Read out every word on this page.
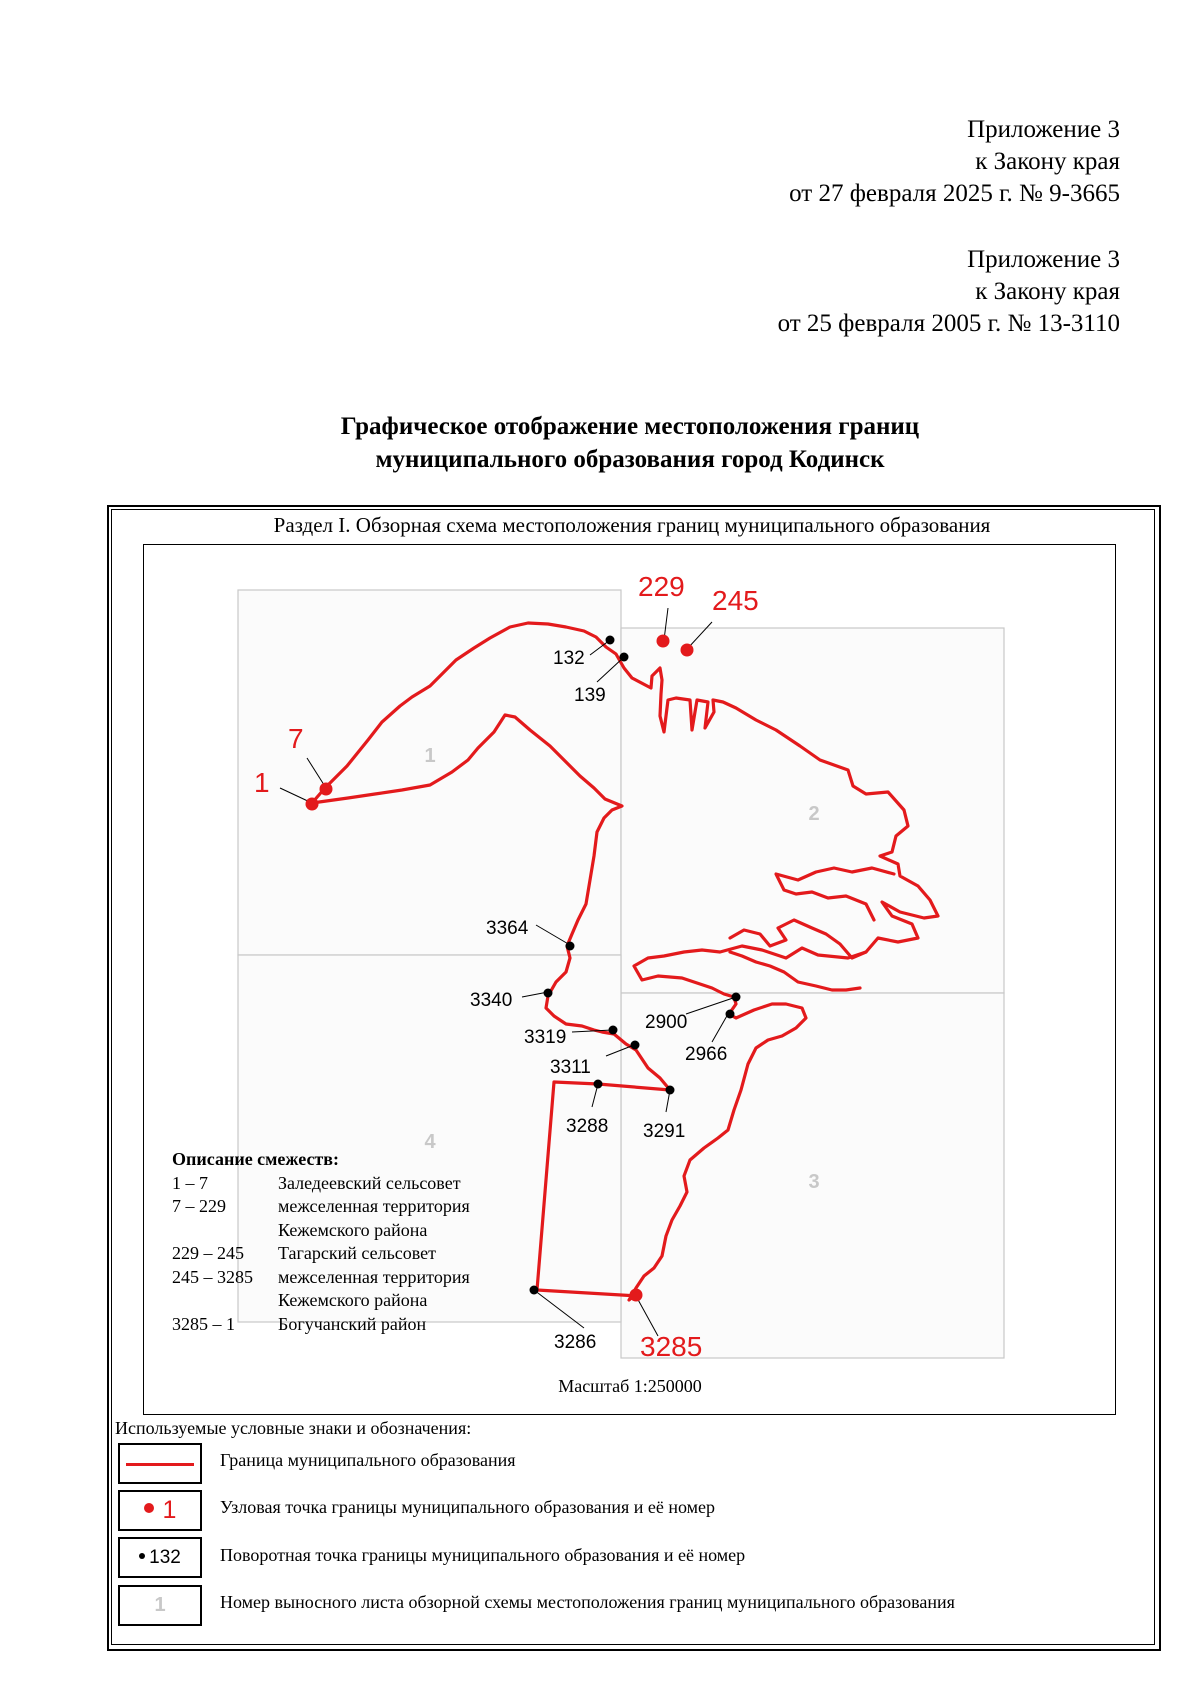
Приложение 3
к Закону края
от 27 февраля 2025 г. № 9-3665
Приложение 3
к Закону края
от 25 февраля 2005 г. № 13-3110
Графическое отображение местоположения границ
муниципального образования город Кодинск
Раздел I. Обзорная схема местоположения границ муниципального образования
1
2
3
4
1
7
229 245
3285
132
139
3364
3340
3319
3311
3288 3291
2900
2966
3286
Описание смежеств:
1 – 7	Заледеевский сельсовет
7 – 229	межселенная территория
	Кежемского района
229 – 245	Тагарский сельсовет
245 – 3285	межселенная территория
	Кежемского района
3285 – 1	Богучанский район
Масштаб 1:250000
Используемые условные знаки и обозначения:
Граница муниципального образования
1	Узловая точка границы муниципального образования и её номер
132	Поворотная точка границы муниципального образования и её номер
1	Номер выносного листа обзорной схемы местоположения границ муниципального образования
